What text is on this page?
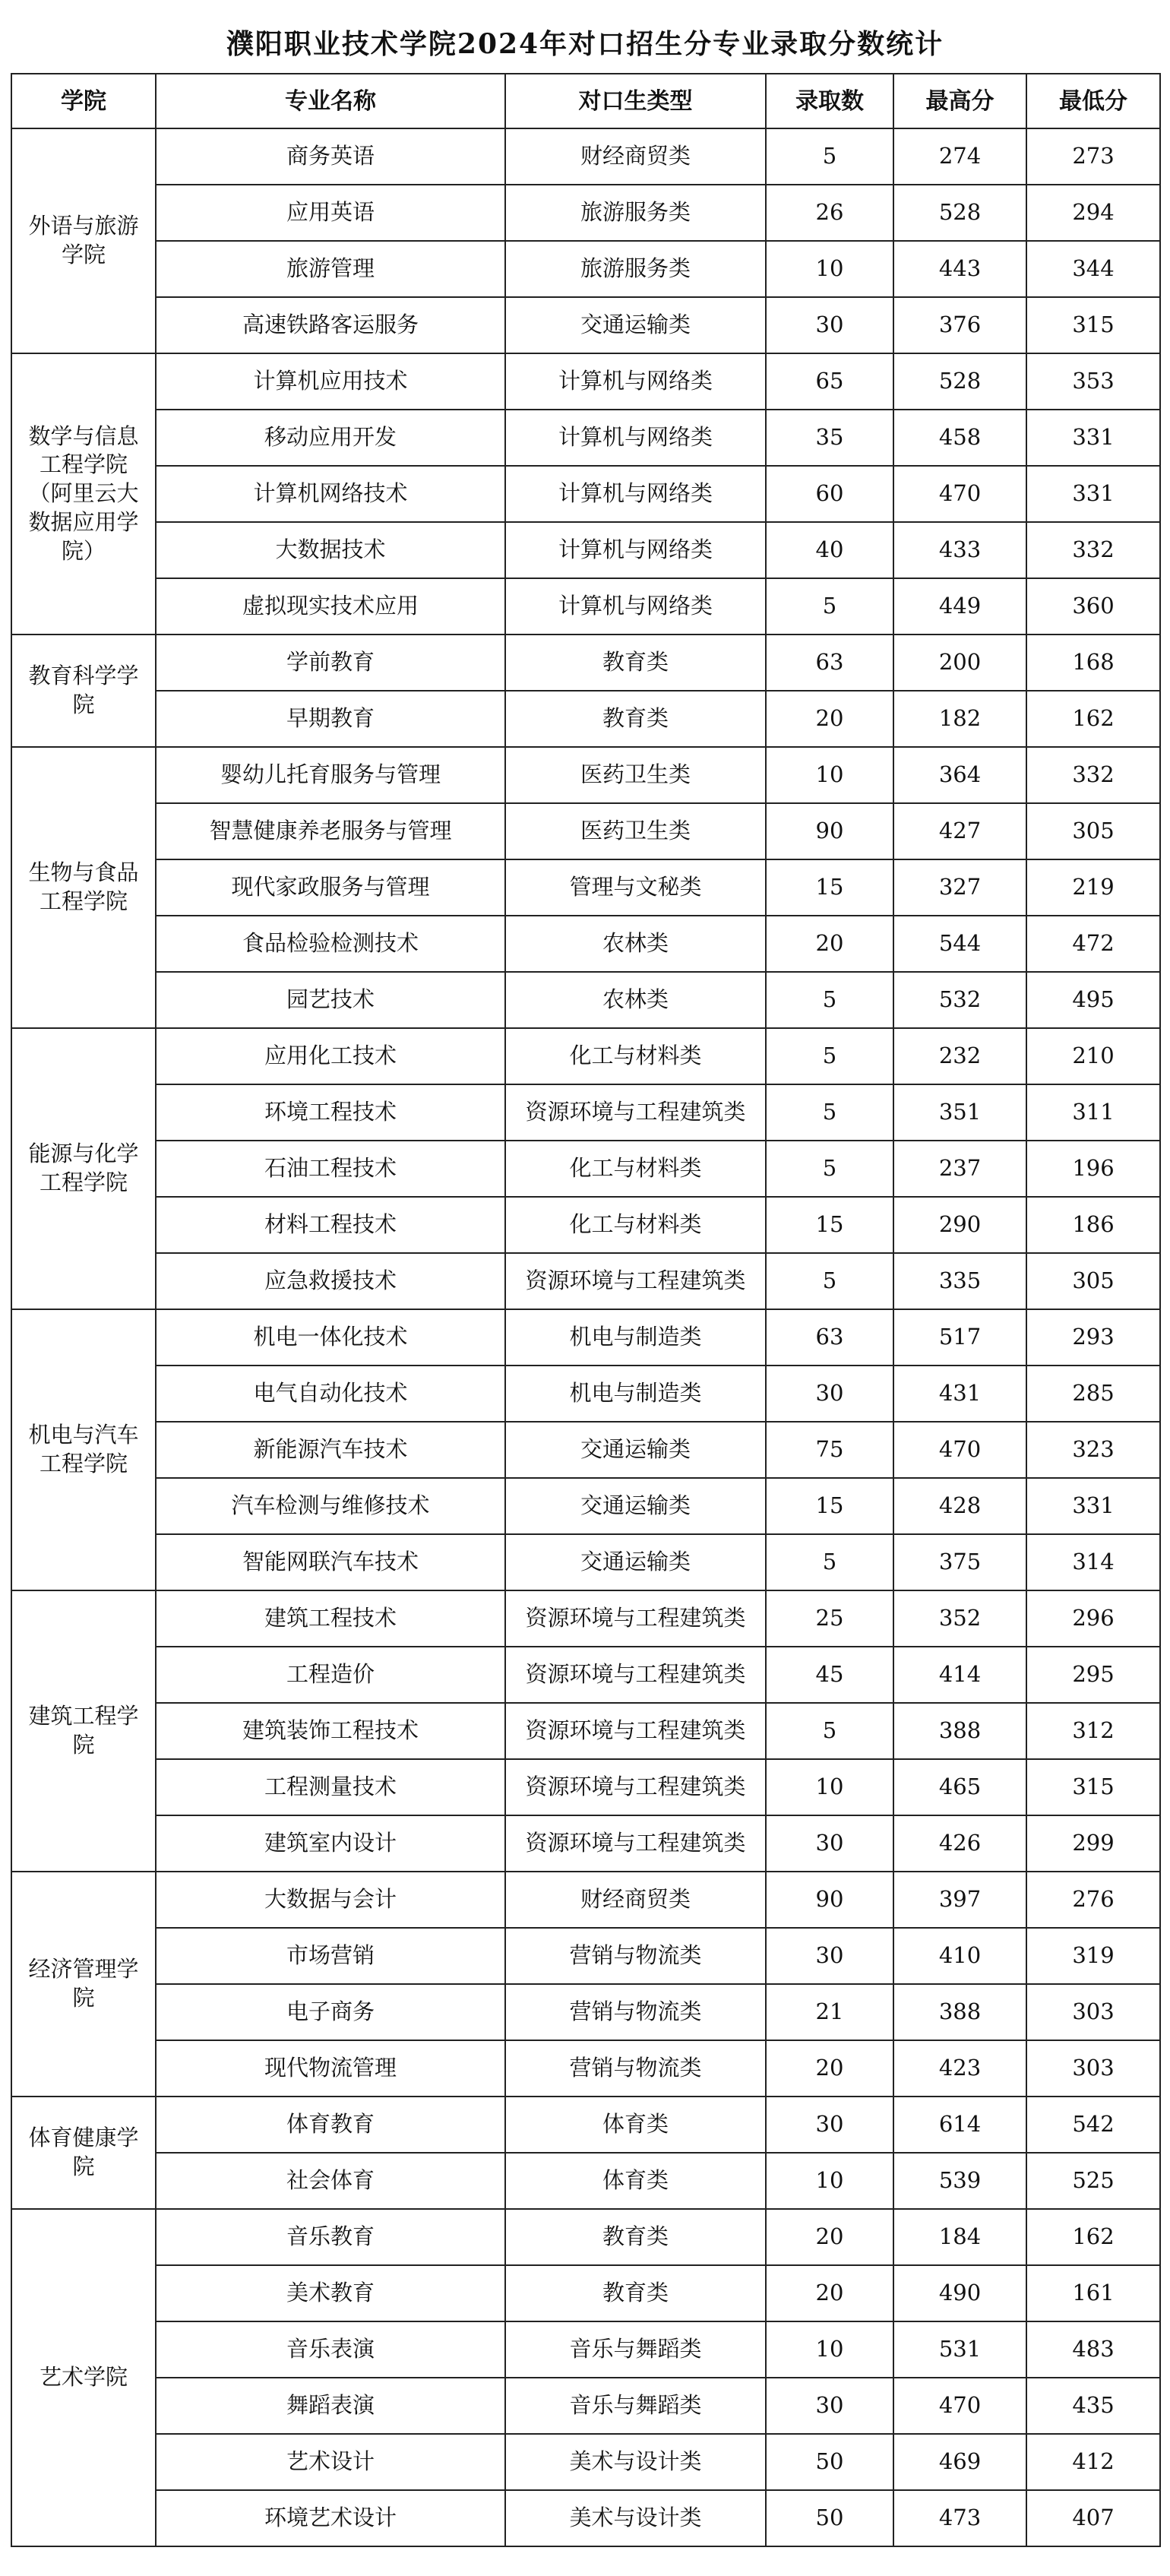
濮阳职业技术学院2024年对口招生分专业录取分数统计
学院	专业名称	对口生类型	录取数	最高分	最低分
外语与旅游学院	商务英语	财经商贸类	5	274	273
	应用英语	旅游服务类	26	528	294
	旅游管理	旅游服务类	10	443	344
	高速铁路客运服务	交通运输类	30	376	315
数学与信息工程学院（阿里云大数据应用学院）	计算机应用技术	计算机与网络类	65	528	353
	移动应用开发	计算机与网络类	35	458	331
	计算机网络技术	计算机与网络类	60	470	331
	大数据技术	计算机与网络类	40	433	332
	虚拟现实技术应用	计算机与网络类	5	449	360
教育科学学院	学前教育	教育类	63	200	168
	早期教育	教育类	20	182	162
生物与食品工程学院	婴幼儿托育服务与管理	医药卫生类	10	364	332
	智慧健康养老服务与管理	医药卫生类	90	427	305
	现代家政服务与管理	管理与文秘类	15	327	219
	食品检验检测技术	农林类	20	544	472
	园艺技术	农林类	5	532	495
能源与化学工程学院	应用化工技术	化工与材料类	5	232	210
	环境工程技术	资源环境与工程建筑类	5	351	311
	石油工程技术	化工与材料类	5	237	196
	材料工程技术	化工与材料类	15	290	186
	应急救援技术	资源环境与工程建筑类	5	335	305
机电与汽车工程学院	机电一体化技术	机电与制造类	63	517	293
	电气自动化技术	机电与制造类	30	431	285
	新能源汽车技术	交通运输类	75	470	323
	汽车检测与维修技术	交通运输类	15	428	331
	智能网联汽车技术	交通运输类	5	375	314
建筑工程学院	建筑工程技术	资源环境与工程建筑类	25	352	296
	工程造价	资源环境与工程建筑类	45	414	295
	建筑装饰工程技术	资源环境与工程建筑类	5	388	312
	工程测量技术	资源环境与工程建筑类	10	465	315
	建筑室内设计	资源环境与工程建筑类	30	426	299
经济管理学院	大数据与会计	财经商贸类	90	397	276
	市场营销	营销与物流类	30	410	319
	电子商务	营销与物流类	21	388	303
	现代物流管理	营销与物流类	20	423	303
体育健康学院	体育教育	体育类	30	614	542
	社会体育	体育类	10	539	525
艺术学院	音乐教育	教育类	20	184	162
	美术教育	教育类	20	490	161
	音乐表演	音乐与舞蹈类	10	531	483
	舞蹈表演	音乐与舞蹈类	30	470	435
	艺术设计	美术与设计类	50	469	412
	环境艺术设计	美术与设计类	50	473	407
